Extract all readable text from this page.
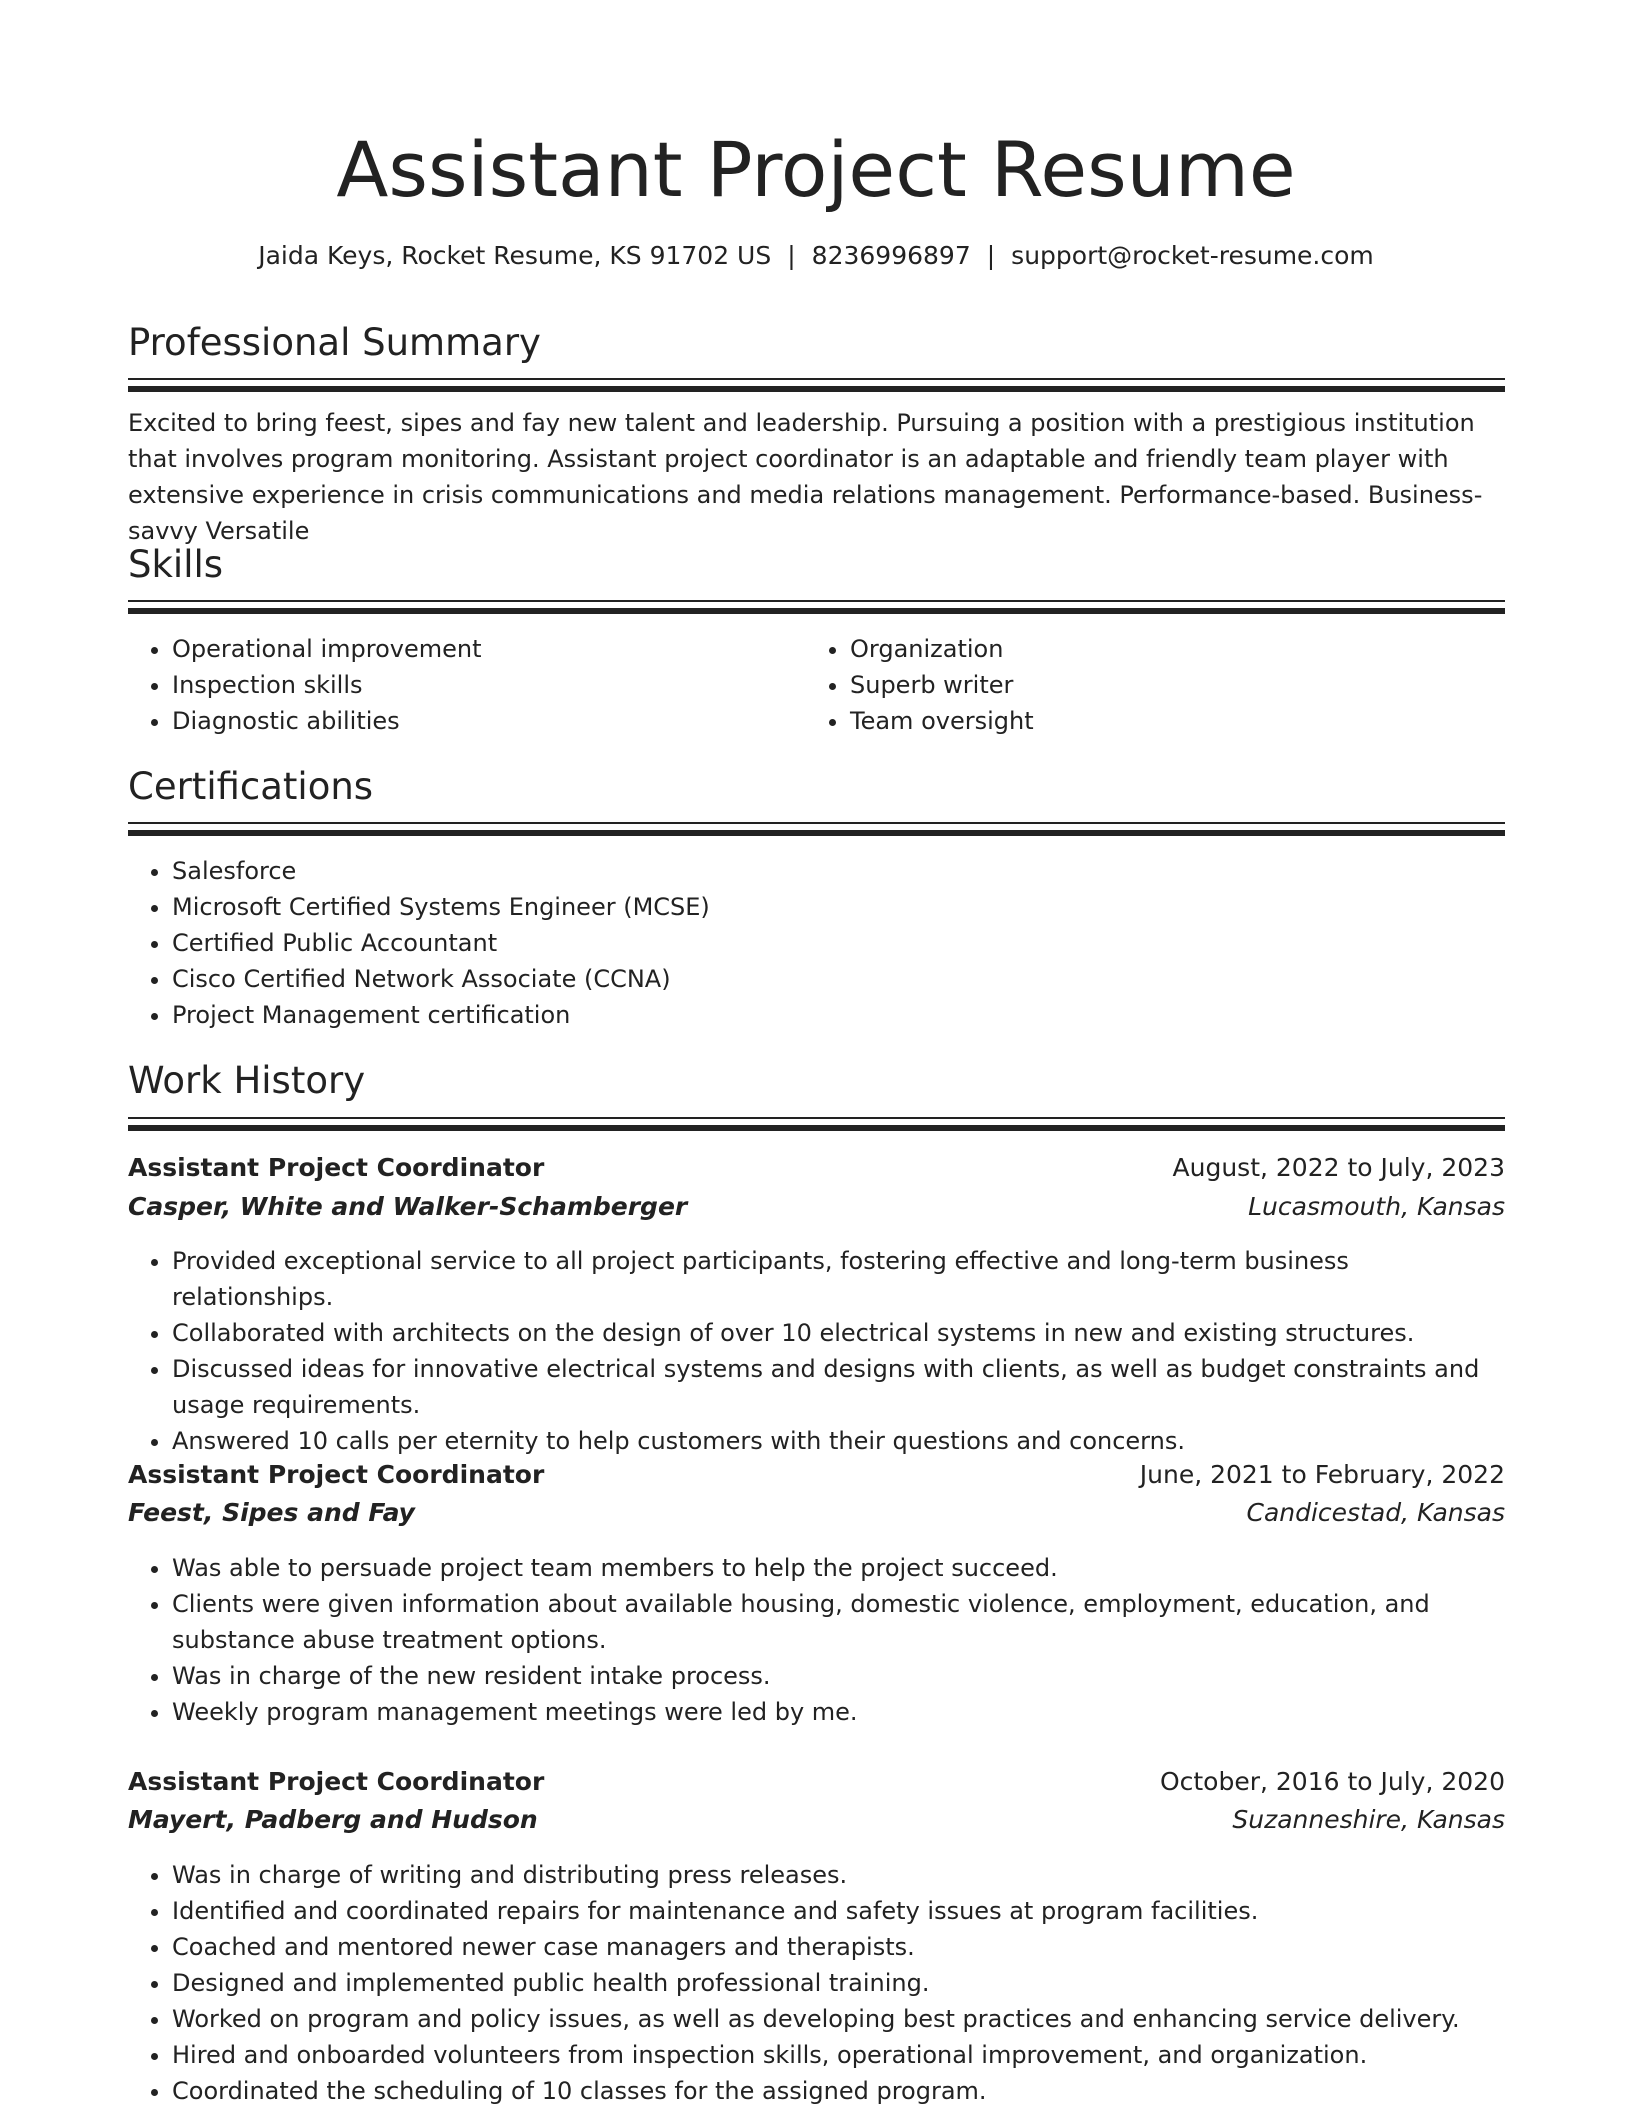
Assistant Project Resume
Jaida Keys, Rocket Resume, KS 91702 US | 8236996897 | support@rocket-resume.com
Professional Summary

Excited to bring feest, sipes and fay new talent and leadership. Pursuing a position with a prestigious institution that involves program monitoring. Assistant project coordinator is an adaptable and friendly team player with extensive experience in crisis communications and media relations management. Performance-based. Business-savvy Versatile

Skills
• Operational improvement
• Inspection skills
• Diagnostic abilities
• Organization
• Superb writer
• Team oversight
Certifications
• Salesforce
• Microsoft Certified Systems Engineer (MCSE)
• Certified Public Accountant
• Cisco Certified Network Associate (CCNA)
• Project Management certification
Work History
Assistant Project Coordinator	August, 2022 to July, 2023
Casper, White and Walker-Schamberger	Lucasmouth, Kansas
• Provided exceptional service to all project participants, fostering effective and long-term business relationships.
• Collaborated with architects on the design of over 10 electrical systems in new and existing structures.
• Discussed ideas for innovative electrical systems and designs with clients, as well as budget constraints and usage requirements.
• Answered 10 calls per eternity to help customers with their questions and concerns.
Assistant Project Coordinator	June, 2021 to February, 2022
Feest, Sipes and Fay	Candicestad, Kansas
• Was able to persuade project team members to help the project succeed.
• Clients were given information about available housing, domestic violence, employment, education, and substance abuse treatment options.
• Was in charge of the new resident intake process.
• Weekly program management meetings were led by me.
Assistant Project Coordinator	October, 2016 to July, 2020
Mayert, Padberg and Hudson	Suzanneshire, Kansas
• Was in charge of writing and distributing press releases.
• Identified and coordinated repairs for maintenance and safety issues at program facilities.
• Coached and mentored newer case managers and therapists.
• Designed and implemented public health professional training.
• Worked on program and policy issues, as well as developing best practices and enhancing service delivery.
• Hired and onboarded volunteers from inspection skills, operational improvement, and organization.
• Coordinated the scheduling of 10 classes for the assigned program.
